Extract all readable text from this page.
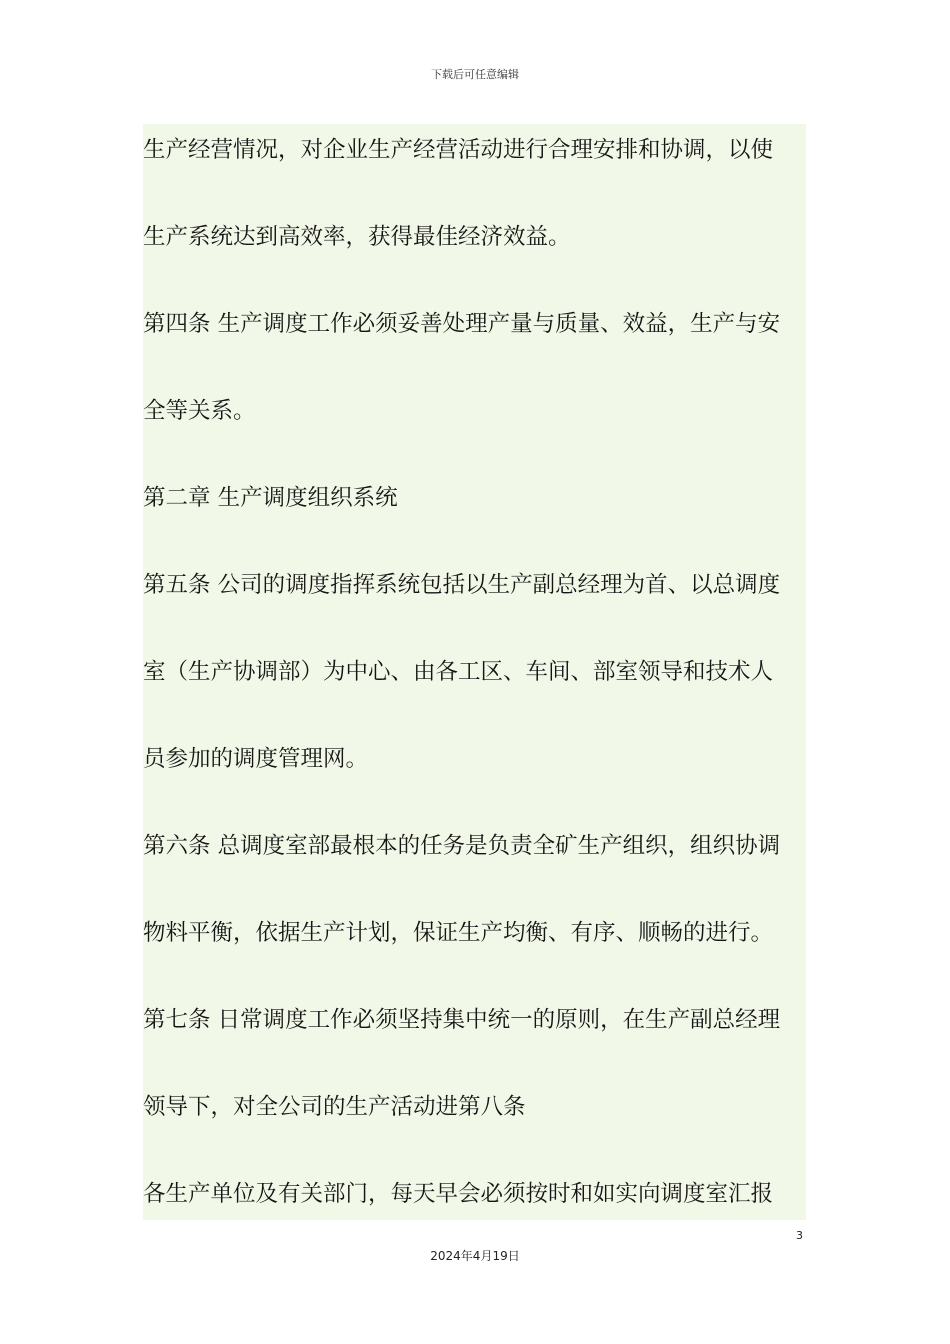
下载后可任意编辑
生产经营情况，对企业生产经营活动进行合理安排和协调，以使
生产系统达到高效率，获得最佳经济效益。
第四条 生产调度工作必须妥善处理产量与质量、效益，生产与安
全等关系。
第二章 生产调度组织系统
第五条 公司的调度指挥系统包括以生产副总经理为首、以总调度
室（生产协调部）为中心、由各工区、车间、部室领导和技术人
员参加的调度管理网。
第六条 总调度室部最根本的任务是负责全矿生产组织，组织协调
物料平衡，依据生产计划，保证生产均衡、有序、顺畅的进行。
第七条 日常调度工作必须坚持集中统一的原则，在生产副总经理
领导下，对全公司的生产活动进第八条
各生产单位及有关部门，每天早会必须按时和如实向调度室汇报
3
2024年4月19日
